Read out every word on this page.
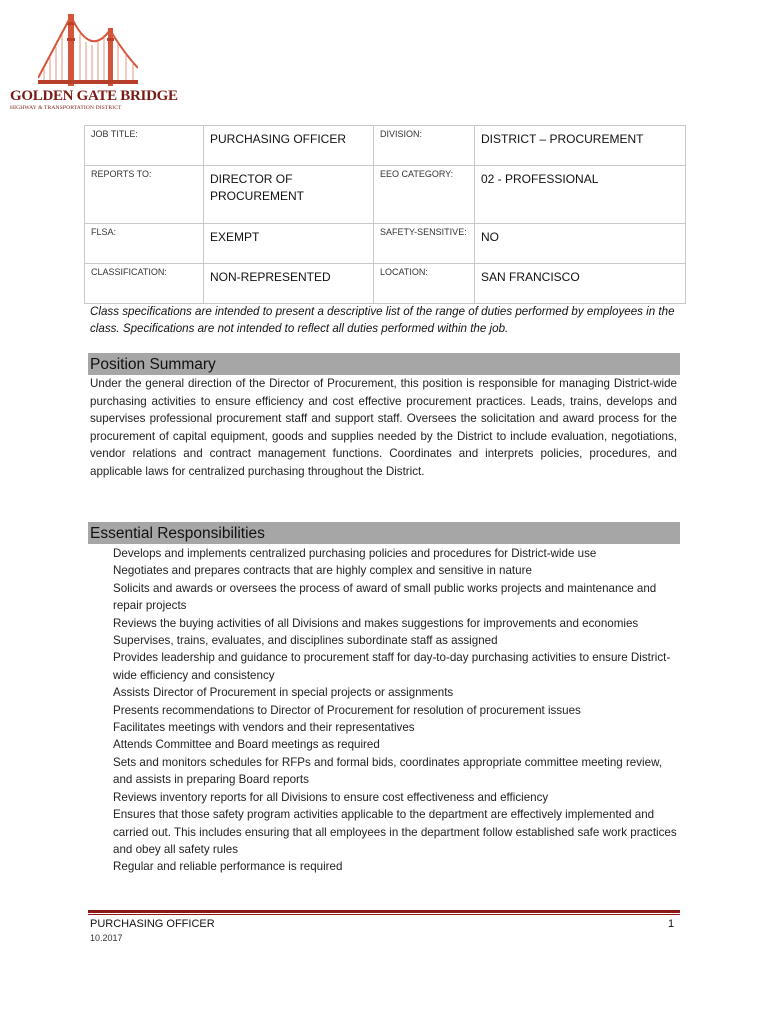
GOLDEN GATE BRIDGE
HIGHWAY & TRANSPORTATION DISTRICT
JOB TITLE:	PURCHASING OFFICER	DIVISION:	DISTRICT – PROCUREMENT
REPORTS TO:	DIRECTOR OF PROCUREMENT	EEO CATEGORY:	02 - PROFESSIONAL
FLSA:	EXEMPT	SAFETY-SENSITIVE:	NO
CLASSIFICATION:	NON-REPRESENTED	LOCATION:	SAN FRANCISCO
Class specifications are intended to present a descriptive list of the range of duties performed by employees in the class. Specifications are not intended to reflect all duties performed within the job.
Position Summary

Under the general direction of the Director of Procurement, this position is responsible for managing District-wide purchasing activities to ensure efficiency and cost effective procurement practices. Leads, trains, develops and supervises professional procurement staff and support staff. Oversees the solicitation and award process for the procurement of capital equipment, goods and supplies needed by the District to include evaluation, negotiations, vendor relations and contract management functions. Coordinates and interprets policies, procedures, and applicable laws for centralized purchasing throughout the District.

Essential Responsibilities
Develops and implements centralized purchasing policies and procedures for District-wide use
Negotiates and prepares contracts that are highly complex and sensitive in nature
Solicits and awards or oversees the process of award of small public works projects and maintenance and repair projects
Reviews the buying activities of all Divisions and makes suggestions for improvements and economies
Supervises, trains, evaluates, and disciplines subordinate staff as assigned
Provides leadership and guidance to procurement staff for day-to-day purchasing activities to ensure District-wide efficiency and consistency
Assists Director of Procurement in special projects or assignments
Presents recommendations to Director of Procurement for resolution of procurement issues
Facilitates meetings with vendors and their representatives
Attends Committee and Board meetings as required
Sets and monitors schedules for RFPs and formal bids, coordinates appropriate committee meeting review, and assists in preparing Board reports
Reviews inventory reports for all Divisions to ensure cost effectiveness and efficiency
Ensures that those safety program activities applicable to the department are effectively implemented and carried out. This includes ensuring that all employees in the department follow established safe work practices and obey all safety rules
Regular and reliable performance is required
PURCHASING OFFICER
10.2017
1
